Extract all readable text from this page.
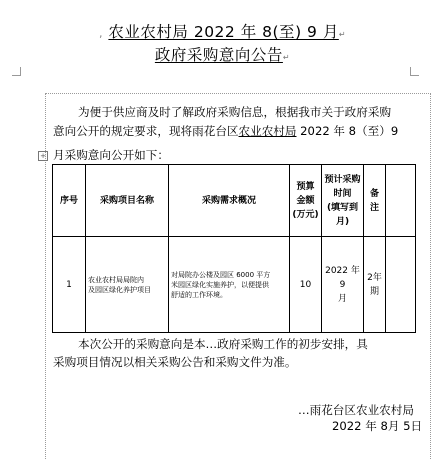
, 农业农村局 2022 年 8(至) 9 月↵
政府采购意向公告↵
为便于供应商及时了解政府采购信息，根据我市关于政府采购
意向公开的规定要求，现将雨花台区农业农村局 2022 年 8（至）9
月采购意向公开如下：
+
序号	采购项目名称	采购需求概况	预算
金额
(万元)	预计采购
时间
(填写到
月)	备
注	
1	农业农村局局院内
及园区绿化养护项目	对局院办公楼及园区 6000 平方
米园区绿化实施养护，以便提供
舒适的工作环境。	10	2022 年 9
月	2年
期	
本次公开的采购意向是本…政府采购工作的初步安排，具
采购项目情况以相关采购公告和采购文件为准。
…雨花台区农业农村局
2022 年 8月 5日
